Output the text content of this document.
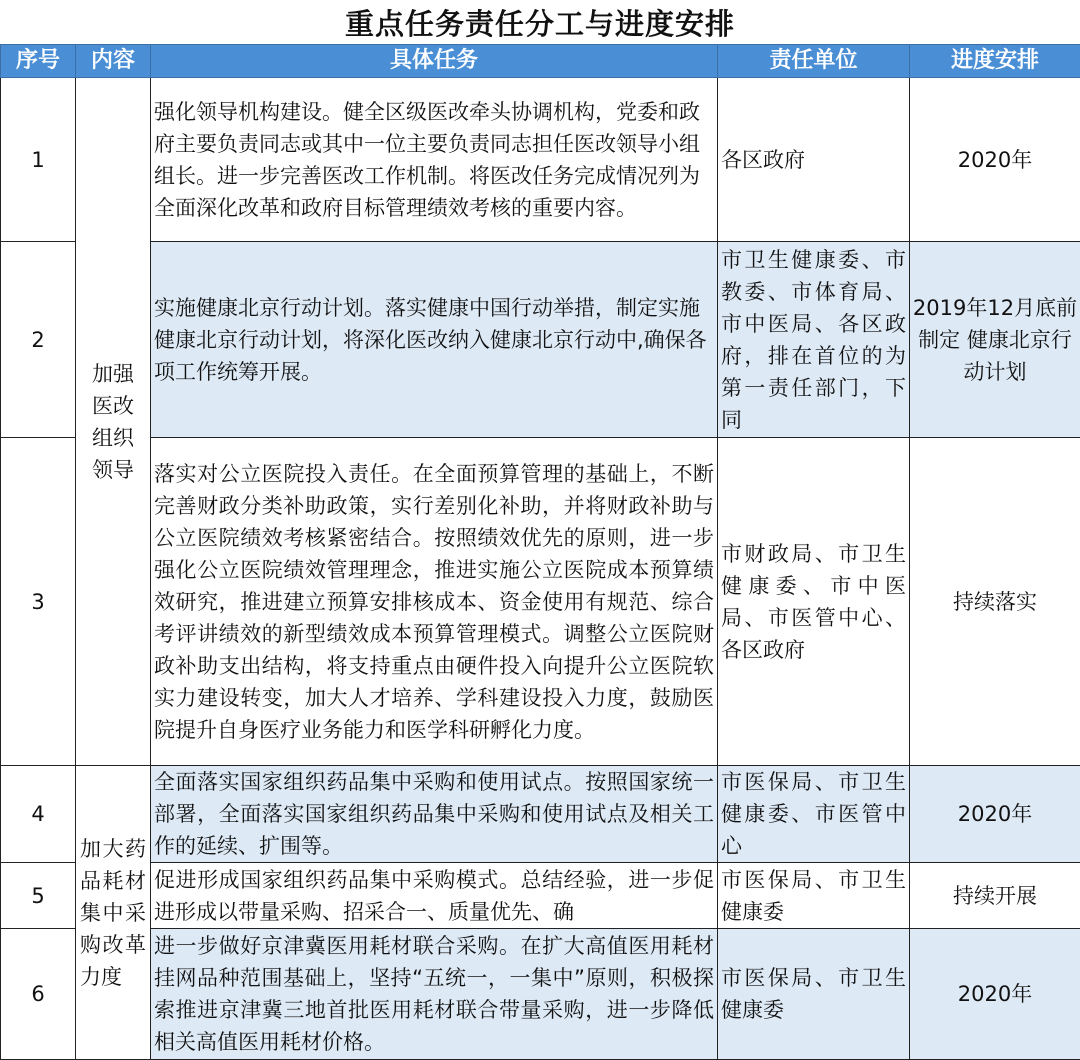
重点任务责任分工与进度安排
序号	内容	具体任务	责任单位	进度安排
1	加强医改组织领导	强化领导机构建设。健全区级医改牵头协调机构，党委和政府主要负责同志或其中一位主要负责同志担任医改领导小组组长。进一步完善医改工作机制。将医改任务完成情况列为全面深化改革和政府目标管理绩效考核的重要内容。	各区政府	2020年
2		实施健康北京行动计划。落实健康中国行动举措，制定实施健康北京行动计划，将深化医改纳入健康北京行动中,确保各项工作统筹开展。	市卫生健康委、市教委、市体育局、市中医局、各区政府，排在首位的为第一责任部门，下同	2019年12月底前制定 健康北京行动计划
3		落实对公立医院投入责任。在全面预算管理的基础上，不断完善财政分类补助政策，实行差别化补助，并将财政补助与公立医院绩效考核紧密结合。按照绩效优先的原则，进一步强化公立医院绩效管理理念，推进实施公立医院成本预算绩效研究，推进建立预算安排核成本、资金使用有规范、综合考评讲绩效的新型绩效成本预算管理模式。调整公立医院财政补助支出结构，将支持重点由硬件投入向提升公立医院软实力建设转变，加大人才培养、学科建设投入力度，鼓励医院提升自身医疗业务能力和医学科研孵化力度。	市财政局、市卫生健康委、市中医局、市医管中心、各区政府	持续落实
4	加大药品耗材集中采购改革力度	全面落实国家组织药品集中采购和使用试点。按照国家统一部署，全面落实国家组织药品集中采购和使用试点及相关工作的延续、扩围等。	市医保局、市卫生健康委、市医管中心	2020年
5		促进形成国家组织药品集中采购模式。总结经验，进一步促进形成以带量采购、招采合一、质量优先、确	市医保局、市卫生健康委	持续开展
6		进一步做好京津冀医用耗材联合采购。在扩大高值医用耗材挂网品种范围基础上，坚持“五统一，一集中”原则，积极探索推进京津冀三地首批医用耗材联合带量采购，进一步降低相关高值医用耗材价格。	市医保局、市卫生健康委	2020年
